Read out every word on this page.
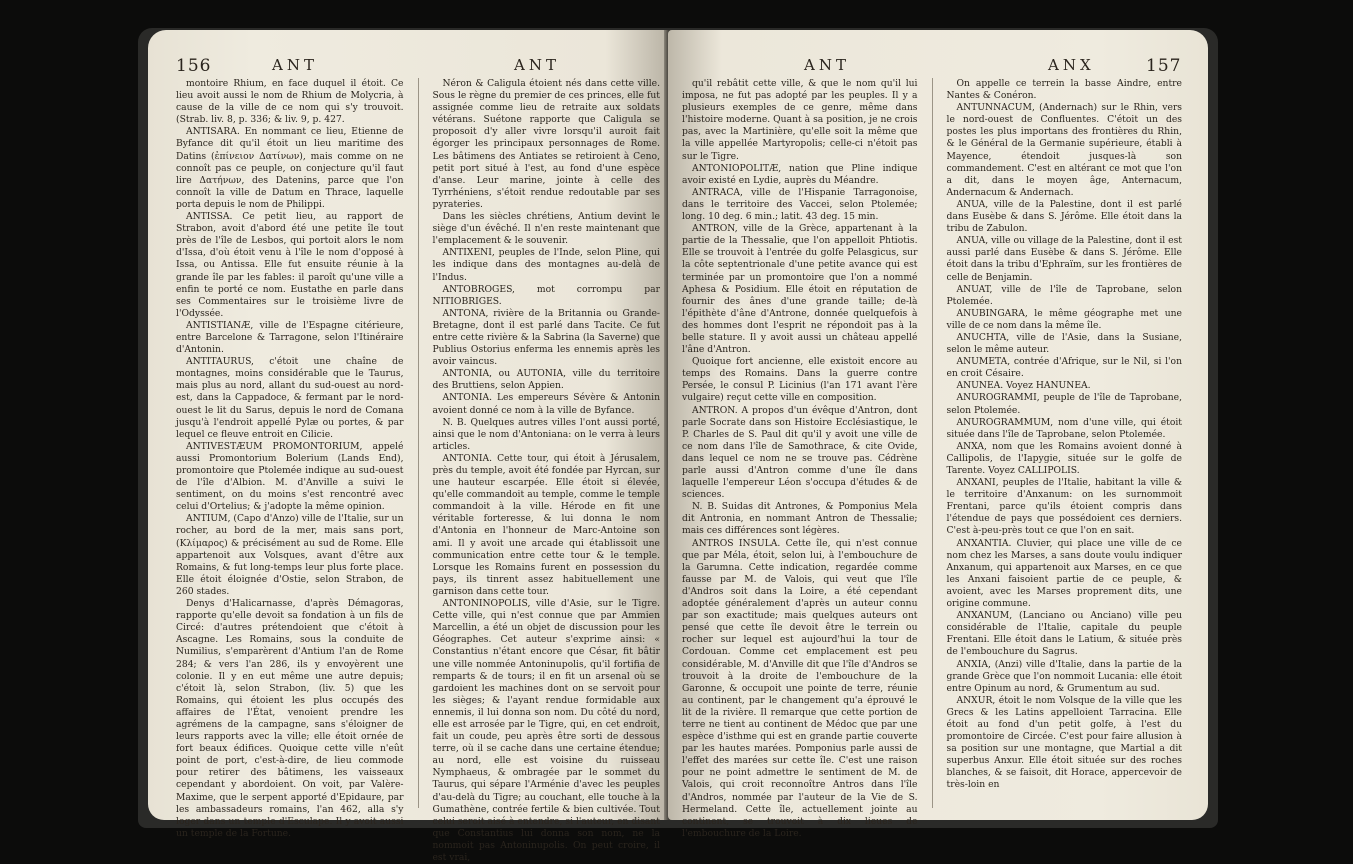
156	ANT	ANT

montoire Rhium, en face duquel il étoit. Ce lieu avoit aussi le nom de Rhium de Molycria, à cause de la ville de ce nom qui s'y trouvoit. (Strab. liv. 8, p. 336; & liv. 9, p. 427.

ANTISARA. En nommant ce lieu, Etienne de Byfance dit qu'il étoit un lieu maritime des Datins (ἐπίνειον Δατίνων), mais comme on ne connoît pas ce peuple, on conjecture qu'il faut lire Δατήνων, des Datenins, parce que l'on connoît la ville de Datum en Thrace, laquelle porta depuis le nom de Philippi.

ANTISSA. Ce petit lieu, au rapport de Strabon, avoit d'abord été une petite île tout près de l'île de Lesbos, qui portoit alors le nom d'Issa, d'où étoit venu à l'île le nom d'opposé à Issa, ou Antissa. Elle fut ensuite réunie à la grande île par les fables: il paroît qu'une ville a enfin te porté ce nom. Eustathe en parle dans ses Commentaires sur le troisième livre de l'Odyssée.

ANTISTIANÆ, ville de l'Espagne citérieure, entre Barcelone & Tarragone, selon l'Itinéraire d'Antonin.

ANTITAURUS, c'étoit une chaîne de montagnes, moins considérable que le Taurus, mais plus au nord, allant du sud-ouest au nord-est, dans la Cappadoce, & fermant par le nord-ouest le lit du Sarus, depuis le nord de Comana jusqu'à l'endroit appellé Pylæ ou portes, & par lequel ce fleuve entroit en Cilicie.

ANTIVESTÆUM PROMONTORIUM, appelé aussi Promontorium Bolerium (Lands End), promontoire que Ptolemée indique au sud-ouest de l'île d'Albion. M. d'Anville a suivi le sentiment, on du moins s'est rencontré avec celui d'Ortelius; & j'adopte la même opinion.

ANTIUM, (Capo d'Anzo) ville de l'Italie, sur un rocher, au bord de la mer, mais sans port, (Κλίμαρος) & précisément au sud de Rome. Elle appartenoit aux Volsques, avant d'être aux Romains, & fut long-temps leur plus forte place. Elle étoit éloignée d'Ostie, selon Strabon, de 260 stades.

Denys d'Halicarnasse, d'après Démagoras, rapporte qu'elle devoit sa fondation à un fils de Circé: d'autres prétendoient que c'étoit à Ascagne. Les Romains, sous la conduite de Numilius, s'emparèrent d'Antium l'an de Rome 284; & vers l'an 286, ils y envoyèrent une colonie. Il y en eut même une autre depuis; c'étoit là, selon Strabon, (liv. 5) que les Romains, qui étoient les plus occupés des affaires de l'État, venoient prendre les agrémens de la campagne, sans s'éloigner de leurs rapports avec la ville; elle étoit ornée de fort beaux édifices. Quoique cette ville n'eût point de port, c'est-à-dire, de lieu commode pour retirer des bâtimens, les vaisseaux cependant y abordoient. On voit, par Valère-Maxime, que le serpent apporté d'Epidaure, par les ambassadeurs romains, l'an 462, alla s'y loger dans un temple d'Esculape. Il y avoit aussi un temple de la Fortune.

Néron & Caligula étoient nés dans cette ville. Sous le règne du premier de ces princes, elle fut assignée comme lieu de retraite aux soldats vétérans. Suétone rapporte que Caligula se proposoit d'y aller vivre lorsqu'il auroit fait égorger les principaux personnages de Rome. Les bâtimens des Antiates se retiroient à Ceno, petit port situé à l'est, au fond d'une espèce d'anse. Leur marine, jointe à celle des Tyrrhéniens, s'étoit rendue redoutable par ses pyrateries.

Dans les siècles chrétiens, Antium devint le siège d'un évêché. Il n'en reste maintenant que l'emplacement & le souvenir.

ANTIXENI, peuples de l'Inde, selon Pline, qui les indique dans des montagnes au-delà de l'Indus.

ANTOBROGES, mot corrompu par NITIOBRIGES.

ANTONA, rivière de la Britannia ou Grande-Bretagne, dont il est parlé dans Tacite. Ce fut entre cette rivière & la Sabrina (la Saverne) que Publius Ostorius enferma les ennemis après les avoir vaincus.

ANTONIA, ou AUTONIA, ville du territoire des Bruttiens, selon Appien.

ANTONIA. Les empereurs Sévère & Antonin avoient donné ce nom à la ville de Byfance.

N. B. Quelques autres villes l'ont aussi porté, ainsi que le nom d'Antoniana: on le verra à leurs articles.

ANTONIA. Cette tour, qui étoit à Jérusalem, près du temple, avoit été fondée par Hyrcan, sur une hauteur escarpée. Elle étoit si élevée, qu'elle commandoit au temple, comme le temple commandoit à la ville. Hérode en fit une véritable forteresse, & lui donna le nom d'Antonia en l'honneur de Marc-Antoine son ami. Il y avoit une arcade qui établissoit une communication entre cette tour & le temple. Lorsque les Romains furent en possession du pays, ils tinrent assez habituellement une garnison dans cette tour.

ANTONINOPOLIS, ville d'Asie, sur le Tigre. Cette ville, qui n'est connue que par Ammien Marcellin, a été un objet de discussion pour les Géographes. Cet auteur s'exprime ainsi: « Constantius n'étant encore que César, fit bâtir une ville nommée Antoninupolis, qu'il fortifia de remparts & de tours; il en fit un arsenal où se gardoient les machines dont on se servoit pour les sièges; & l'ayant rendue formidable aux ennemis, il lui donna son nom. Du côté du nord, elle est arrosée par le Tigre, qui, en cet endroit, fait un coude, peu après être sorti de dessous terre, où il se cache dans une certaine étendue; au nord, elle est voisine du ruisseau Nymphaeus, & ombragée par le sommet du Taurus, qui sépare l'Arménie d'avec les peuples d'au-delà du Tigre; au couchant, elle touche à la Gumathène, contrée fertile & bien cultivée. Tout celui seroit aisé à entendre, si l'auteur, en disant que Constantius lui donna son nom, ne la nommoit pas Antoninupolis. On peut croire, il est vrai,

ANT	ANX	157

qu'il rebâtit cette ville, & que le nom qu'il lui imposa, ne fut pas adopté par les peuples. Il y a plusieurs exemples de ce genre, même dans l'histoire moderne. Quant à sa position, je ne crois pas, avec la Martinière, qu'elle soit la même que la ville appellée Martyropolis; celle-ci n'étoit pas sur le Tigre.

ANTONIOPOLITÆ, nation que Pline indique avoir existé en Lydie, auprès du Méandre.

ANTRACA, ville de l'Hispanie Tarragonoise, dans le territoire des Vaccei, selon Ptolemée; long. 10 deg. 6 min.; latit. 43 deg. 15 min.

ANTRON, ville de la Grèce, appartenant à la partie de la Thessalie, que l'on appelloit Phtiotis. Elle se trouvoit à l'entrée du golfe Pelasgicus, sur la côte septentrionale d'une petite avance qui est terminée par un promontoire que l'on a nommé Aphesa & Posidium. Elle étoit en réputation de fournir des ânes d'une grande taille; de-là l'épithète d'âne d'Antrone, donnée quelquefois à des hommes dont l'esprit ne répondoit pas à la belle stature. Il y avoit aussi un château appellé l'âne d'Antron.

Quoique fort ancienne, elle existoit encore au temps des Romains. Dans la guerre contre Persée, le consul P. Licinius (l'an 171 avant l'ère vulgaire) reçut cette ville en composition.

ANTRON. A propos d'un évêque d'Antron, dont parle Socrate dans son Histoire Ecclésiastique, le P. Charles de S. Paul dit qu'il y avoit une ville de ce nom dans l'île de Samothrace, & cite Ovide, dans lequel ce nom ne se trouve pas. Cédrène parle aussi d'Antron comme d'une île dans laquelle l'empereur Léon s'occupa d'études & de sciences.

N. B. Suidas dit Antrones, & Pomponius Mela dit Antronia, en nommant Antron de Thessalie; mais ces différences sont légères.

ANTROS INSULA. Cette île, qui n'est connue que par Méla, étoit, selon lui, à l'embouchure de la Garumna. Cette indication, regardée comme fausse par M. de Valois, qui veut que l'île d'Andros soit dans la Loire, a été cependant adoptée généralement d'après un auteur connu par son exactitude; mais quelques auteurs ont pensé que cette île devoit être le terrein ou rocher sur lequel est aujourd'hui la tour de Cordouan. Comme cet emplacement est peu considérable, M. d'Anville dit que l'île d'Andros se trouvoit à la droite de l'embouchure de la Garonne, & occupoit une pointe de terre, réunie au continent, par le changement qu'a éprouvé le lit de la rivière. Il remarque que cette portion de terre ne tient au continent de Médoc que par une espèce d'isthme qui est en grande partie couverte par les hautes marées. Pomponius parle aussi de l'effet des marées sur cette île. C'est une raison pour ne point admettre le sentiment de M. de Valois, qui croit reconnoître Antros dans l'île d'Andros, nommée par l'auteur de la Vie de S. Hermeland. Cette île, actuellement jointe au continent, se trouvoit à dix lieues de l'embouchure de la Loire.

On appelle ce terrein la basse Aindre, entre Nantes & Conéron.

ANTUNNACUM, (Andernach) sur le Rhin, vers le nord-ouest de Confluentes. C'étoit un des postes les plus importans des frontières du Rhin, & le Général de la Germanie supérieure, établi à Mayence, étendoit jusques-là son commandement. C'est en altérant ce mot que l'on a dit, dans le moyen âge, Anternacum, Andernacum & Andernach.

ANUA, ville de la Palestine, dont il est parlé dans Eusèbe & dans S. Jérôme. Elle étoit dans la tribu de Zabulon.

ANUA, ville ou village de la Palestine, dont il est aussi parlé dans Eusèbe & dans S. Jérôme. Elle étoit dans la tribu d'Ephraïm, sur les frontières de celle de Benjamin.

ANUAT, ville de l'île de Taprobane, selon Ptolemée.

ANUBINGARA, le même géographe met une ville de ce nom dans la même île.

ANUCHTA, ville de l'Asie, dans la Susiane, selon le même auteur.

ANUMETA, contrée d'Afrique, sur le Nil, si l'on en croit Césaire.

ANUNEA. Voyez HANUNEA.

ANUROGRAMMI, peuple de l'île de Taprobane, selon Ptolemée.

ANUROGRAMMUM, nom d'une ville, qui étoit située dans l'île de Taprobane, selon Ptolemée.

ANXA, nom que les Romains avoient donné à Callipolis, de l'Iapygie, située sur le golfe de Tarente. Voyez CALLIPOLIS.

ANXANI, peuples de l'Italie, habitant la ville & le territoire d'Anxanum: on les surnommoit Frentani, parce qu'ils étoient compris dans l'étendue de pays que possédoient ces derniers. C'est à-peu-près tout ce que l'on en sait.

ANXANTIA. Cluvier, qui place une ville de ce nom chez les Marses, a sans doute voulu indiquer Anxanum, qui appartenoit aux Marses, en ce que les Anxani faisoient partie de ce peuple, & avoient, avec les Marses proprement dits, une origine commune.

ANXANUM, (Lanciano ou Anciano) ville peu considérable de l'Italie, capitale du peuple Frentani. Elle étoit dans le Latium, & située près de l'embouchure du Sagrus.

ANXIA, (Anzi) ville d'Italie, dans la partie de la grande Grèce que l'on nommoit Lucania: elle étoit entre Opinum au nord, & Grumentum au sud.

ANXUR, étoit le nom Volsque de la ville que les Grecs & les Latins appelloient Tarracina. Elle étoit au fond d'un petit golfe, à l'est du promontoire de Circée. C'est pour faire allusion à sa position sur une montagne, que Martial a dit superbus Anxur. Elle étoit située sur des roches blanches, & se faisoit, dit Horace, appercevoir de très-loin en
